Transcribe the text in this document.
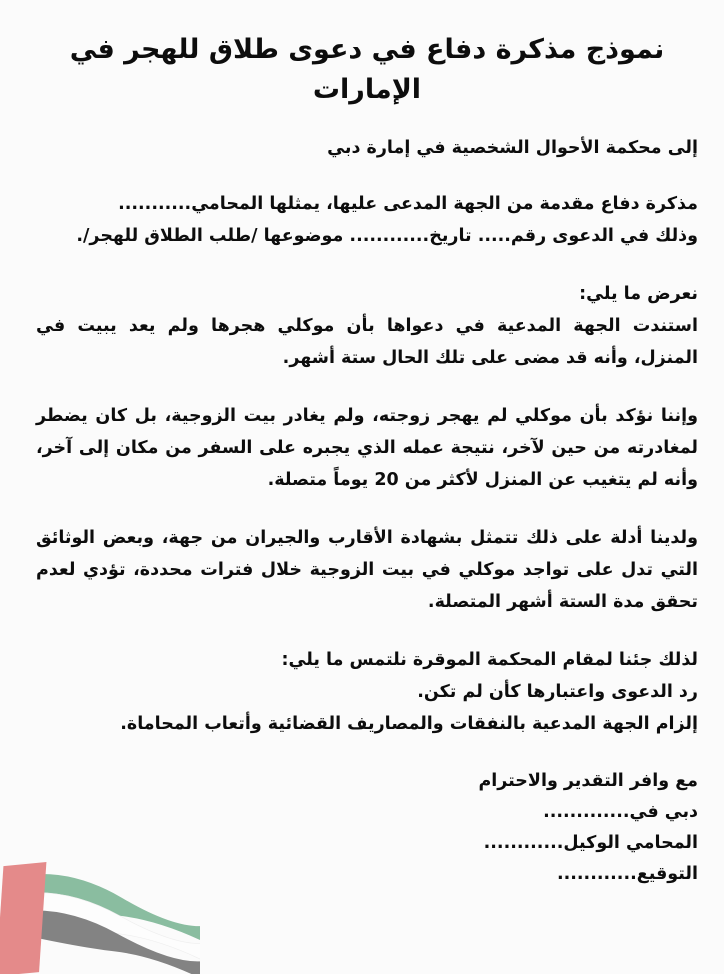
نموذج مذكرة دفاع في دعوى طلاق للهجر في الإمارات

إلى محكمة الأحوال الشخصية في إمارة دبي

مذكرة دفاع مقدمة من الجهة المدعى عليها، يمثلها المحامي...........

وذلك في الدعوى رقم..... تاريخ............ موضوعها /طلب الطلاق للهجر/.

نعرض ما يلي:

استندت الجهة المدعية في دعواها بأن موكلي هجرها ولم يعد يبيت في المنزل، وأنه قد مضى على تلك الحال ستة أشهر.

وإننا نؤكد بأن موكلي لم يهجر زوجته، ولم يغادر بيت الزوجية، بل كان يضطر لمغادرته من حين لآخر، نتيجة عمله الذي يجبره على السفر من مكان إلى آخر، وأنه لم يتغيب عن المنزل لأكثر من 20 يوماً متصلة.

ولدينا أدلة على ذلك تتمثل بشهادة الأقارب والجيران من جهة، وبعض الوثائق التي تدل على تواجد موكلي في بيت الزوجية خلال فترات محددة، تؤدي لعدم تحقق مدة الستة أشهر المتصلة.

لذلك جئنا لمقام المحكمة الموقرة نلتمس ما يلي:

رد الدعوى واعتبارها كأن لم تكن.

إلزام الجهة المدعية بالنفقات والمصاريف القضائية وأتعاب المحاماة.

مع وافر التقدير والاحترام
دبي في.............
المحامي الوكيل............
التوقيع............
